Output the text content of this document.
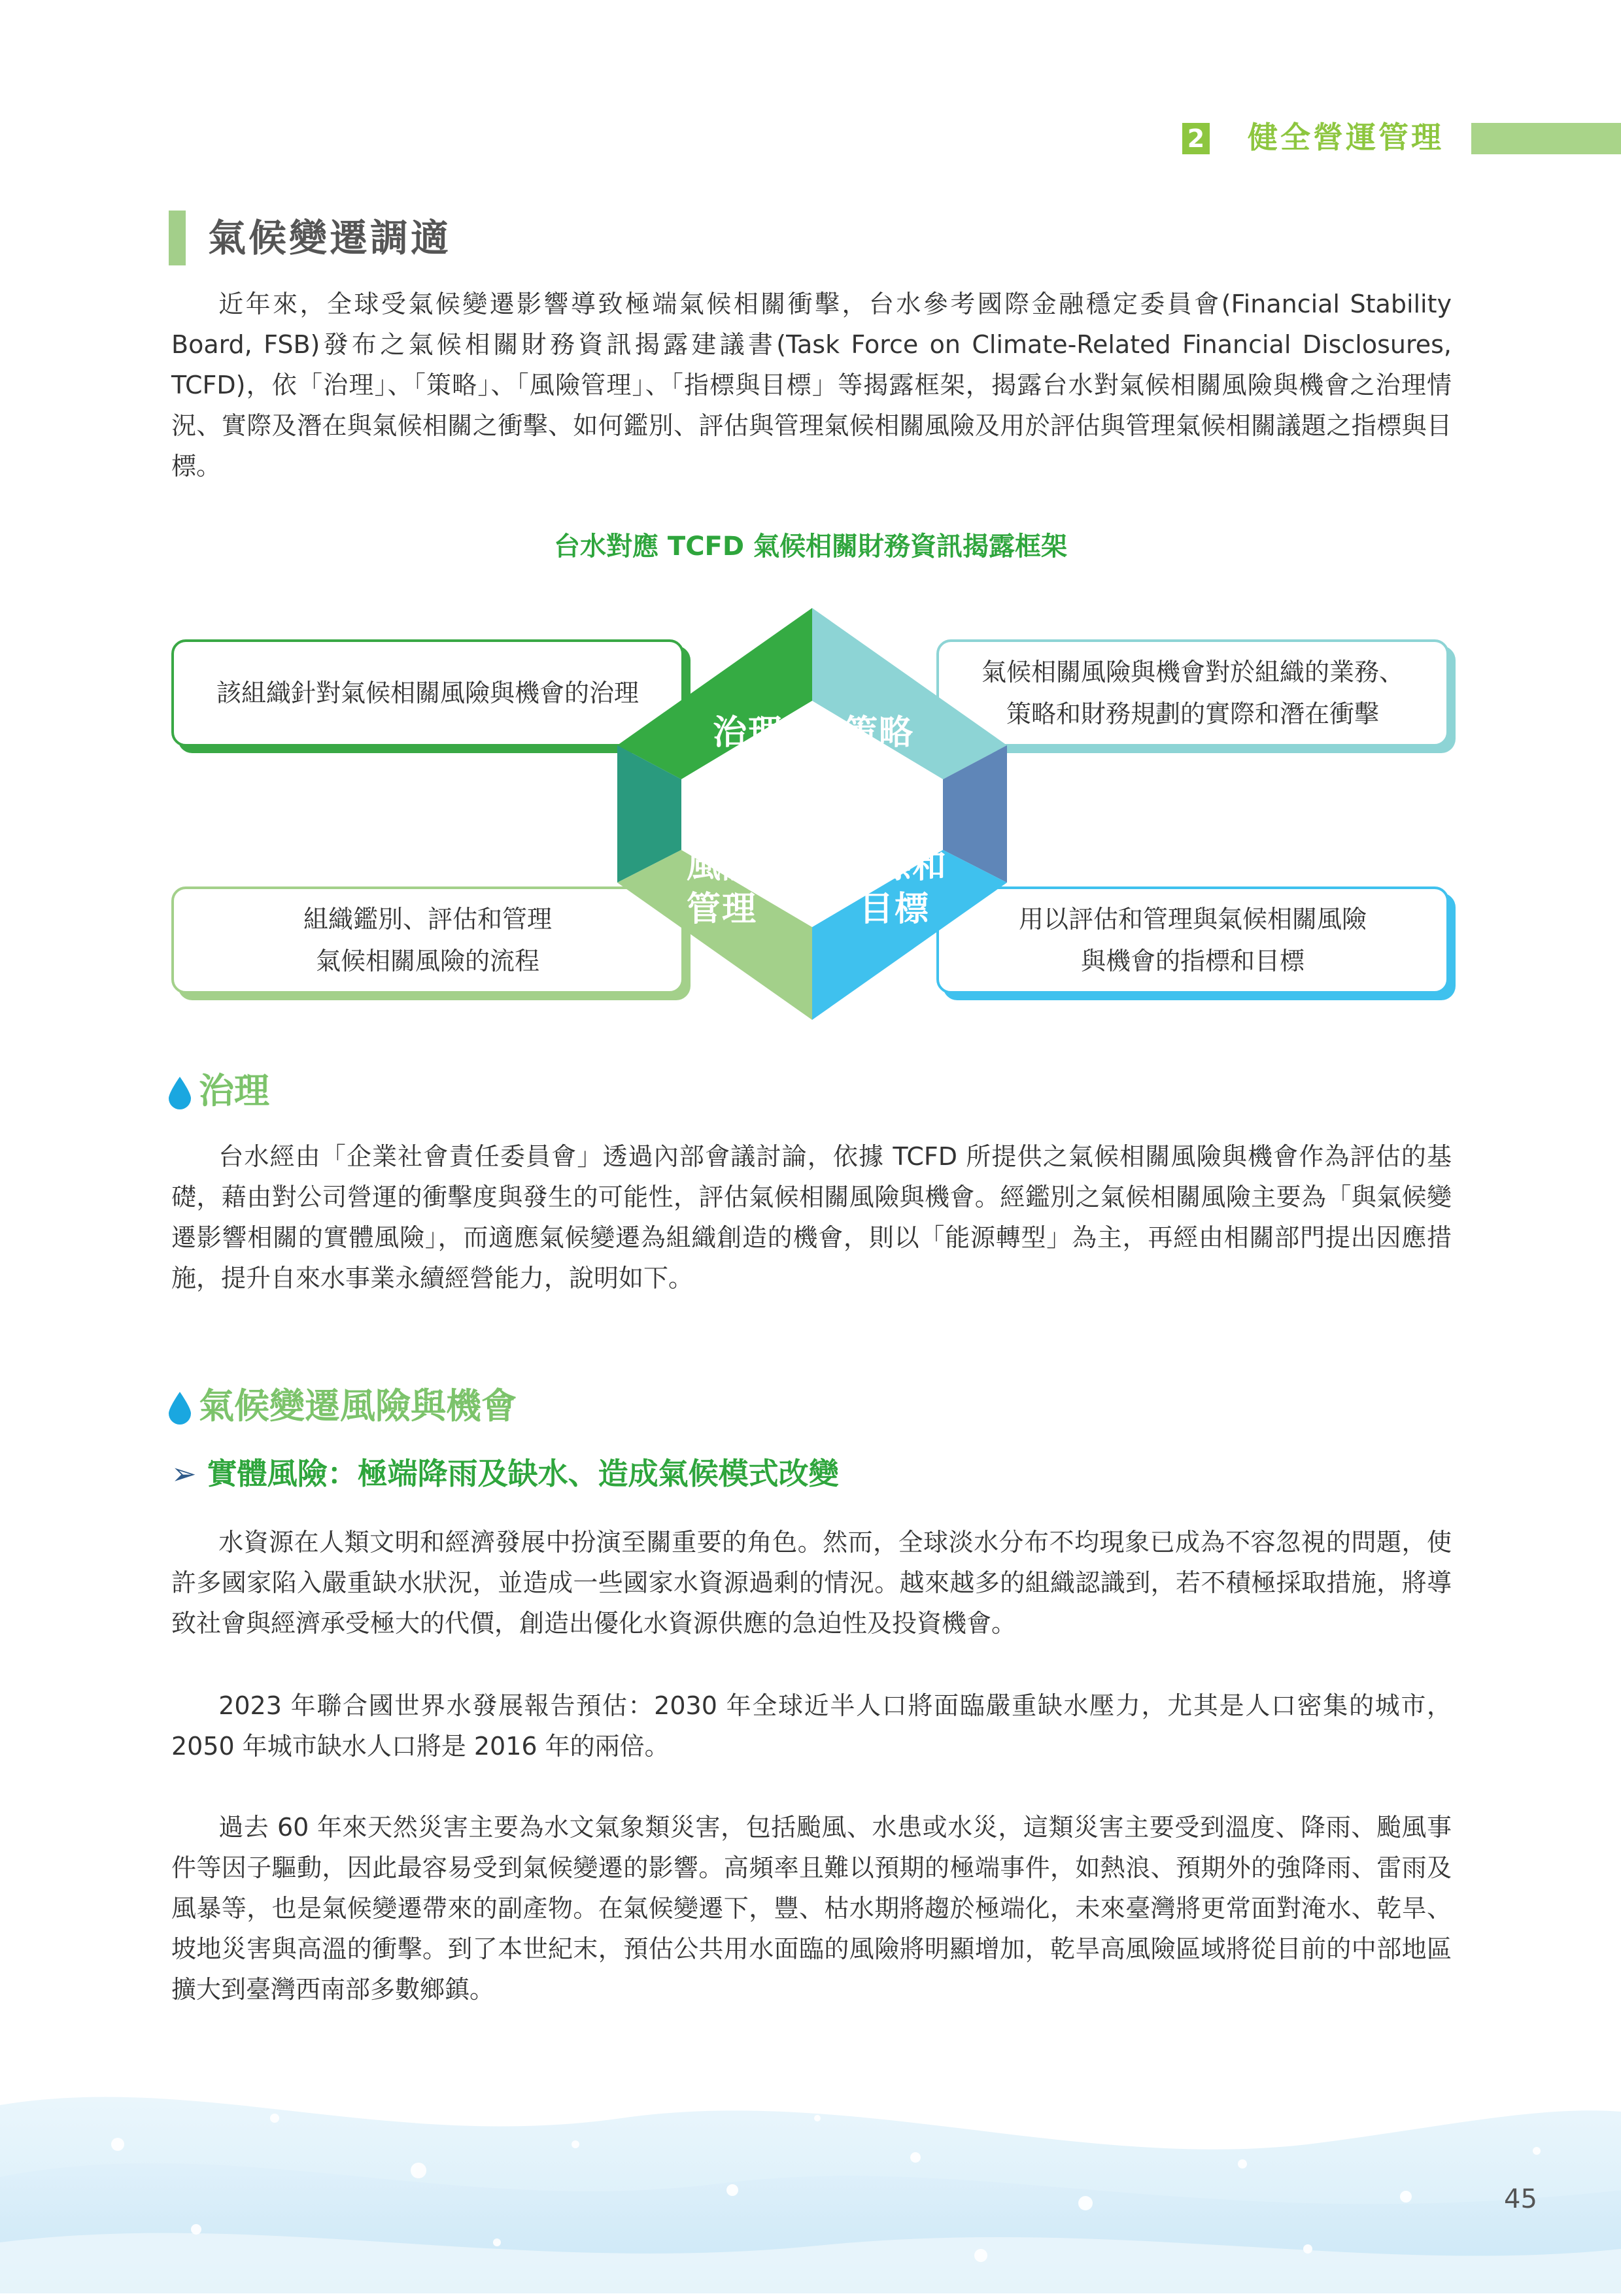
2 健全營運管理
氣候變遷調適
近年來，全球受氣候變遷影響導致極端氣候相關衝擊，台水參考國際金融穩定委員會(Financial Stability Board, FSB)發布之氣候相關財務資訊揭露建議書(Task Force on Climate-Related Financial Disclosures, TCFD)，依「治理」、「策略」、「風險管理」、「指標與目標」等揭露框架，揭露台水對氣候相關風險與機會之治理情況、實際及潛在與氣候相關之衝擊、如何鑑別、評估與管理氣候相關風險及用於評估與管理氣候相關議題之指標與目標。
台水對應 TCFD 氣候相關財務資訊揭露框架
該組織針對氣候相關風險與機會的治理
氣候相關風險與機會對於組織的業務、
策略和財務規劃的實際和潛在衝擊
組織鑑別、評估和管理
氣候相關風險的流程
用以評估和管理與氣候相關風險
與機會的指標和目標
治理	策略
風險
管理
指標和
目標
治理
台水經由「企業社會責任委員會」透過內部會議討論，依據 TCFD 所提供之氣候相關風險與機會作為評估的基礎，藉由對公司營運的衝擊度與發生的可能性，評估氣候相關風險與機會。經鑑別之氣候相關風險主要為「與氣候變遷影響相關的實體風險」，而適應氣候變遷為組織創造的機會，則以「能源轉型」為主，再經由相關部門提出因應措施，提升自來水事業永續經營能力，說明如下。
氣候變遷風險與機會
➢ 實體風險：極端降雨及缺水、造成氣候模式改變
水資源在人類文明和經濟發展中扮演至關重要的角色。然而，全球淡水分布不均現象已成為不容忽視的問題，使許多國家陷入嚴重缺水狀況，並造成一些國家水資源過剩的情況。越來越多的組織認識到，若不積極採取措施，將導致社會與經濟承受極大的代價，創造出優化水資源供應的急迫性及投資機會。
2023 年聯合國世界水發展報告預估：2030 年全球近半人口將面臨嚴重缺水壓力，尤其是人口密集的城市，2050 年城市缺水人口將是 2016 年的兩倍。
過去 60 年來天然災害主要為水文氣象類災害，包括颱風、水患或水災，這類災害主要受到溫度、降雨、颱風事件等因子驅動，因此最容易受到氣候變遷的影響。高頻率且難以預期的極端事件，如熱浪、預期外的強降雨、雷雨及風暴等，也是氣候變遷帶來的副產物。在氣候變遷下，豐、枯水期將趨於極端化，未來臺灣將更常面對淹水、乾旱、坡地災害與高溫的衝擊。到了本世紀末，預估公共用水面臨的風險將明顯增加，乾旱高風險區域將從目前的中部地區擴大到臺灣西南部多數鄉鎮。
45
